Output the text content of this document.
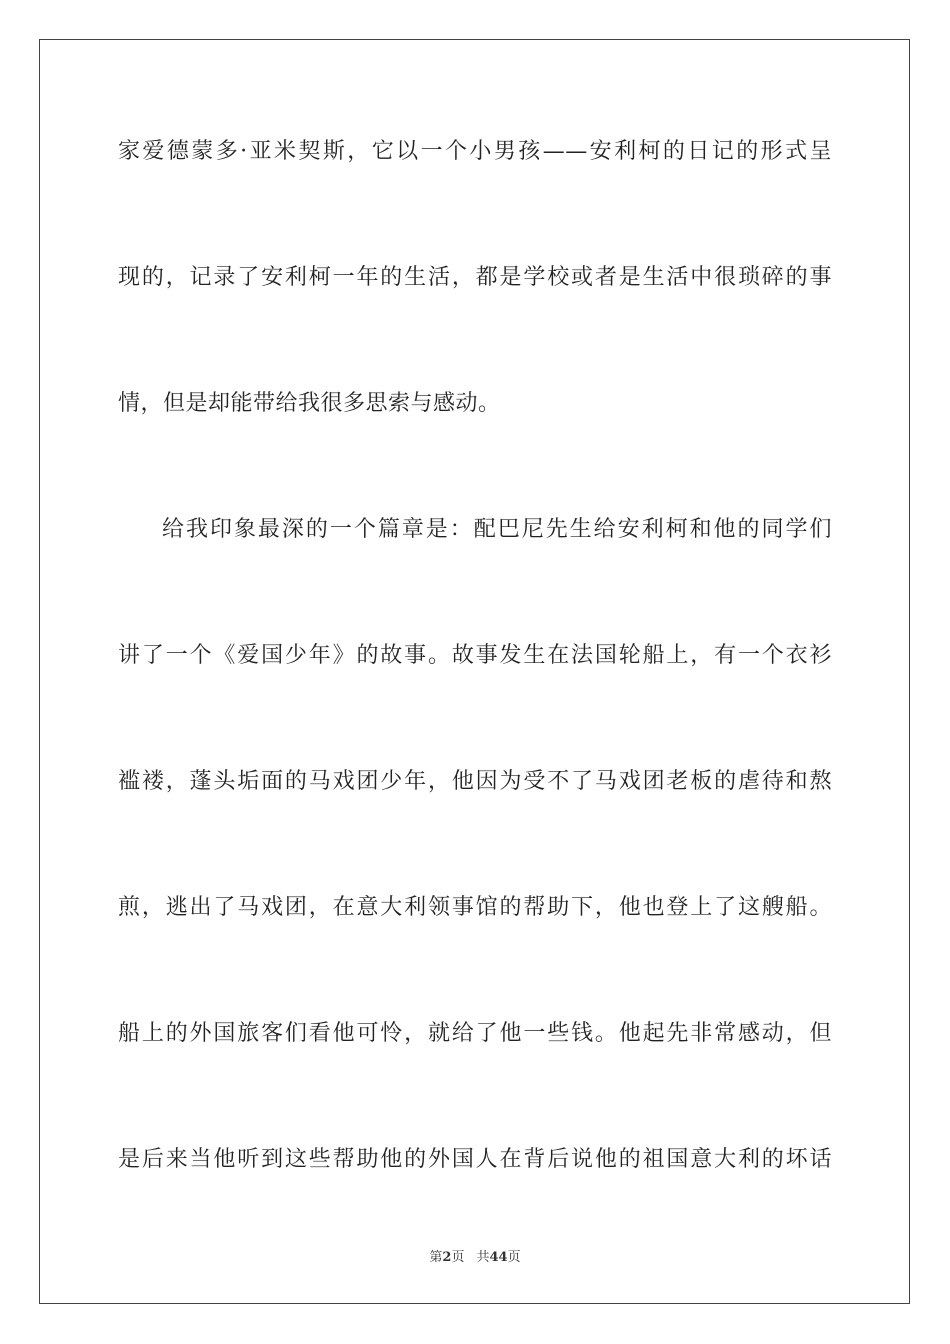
家爱德蒙多·亚米契斯，它以一个小男孩——安利柯的日记的形式呈
现的，记录了安利柯一年的生活，都是学校或者是生活中很琐碎的事
情，但是却能带给我很多思索与感动。
给我印象最深的一个篇章是：配巴尼先生给安利柯和他的同学们
讲了一个《爱国少年》的故事。故事发生在法国轮船上，有一个衣衫
褴褛，蓬头垢面的马戏团少年，他因为受不了马戏团老板的虐待和熬
煎，逃出了马戏团，在意大利领事馆的帮助下，他也登上了这艘船。
船上的外国旅客们看他可怜，就给了他一些钱。他起先非常感动，但
是后来当他听到这些帮助他的外国人在背后说他的祖国意大利的坏话
第2页 共44页
